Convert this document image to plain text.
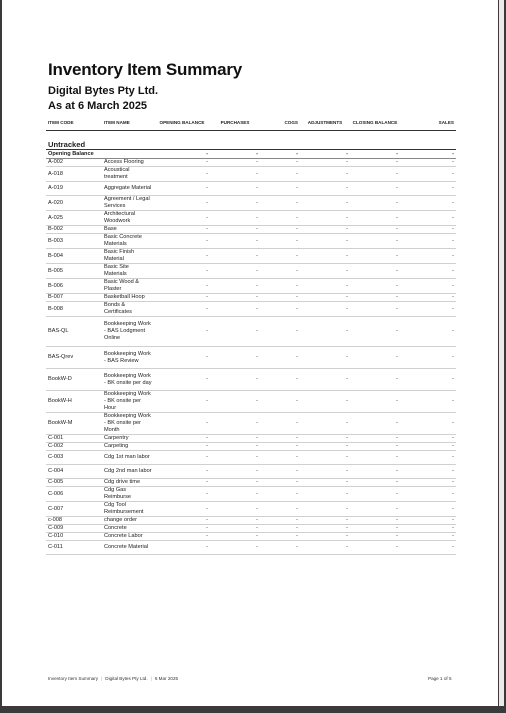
Inventory Item Summary
Digital Bytes Pty Ltd.
As at 6 March 2025
ITEM CODE	ITEM NAME	OPENING BALANCE	PURCHASES	COGS	ADJUSTMENTS	CLOSING BALANCE	SALES

Untracked							
Opening Balance		-	-	-	-	-	-
A-002	Access Flooring	-	-	-	-	-	-
A-018	Acoustical treatment	-	-	-	-	-	-
A-019	Aggregate Material	-	-	-	-	-	-
A-020	Agreement / Legal Services	-	-	-	-	-	-
A-025	Architectural Woodwork	-	-	-	-	-	-
B-002	Base	-	-	-	-	-	-
B-003	Basic Concrete Materials	-	-	-	-	-	-
B-004	Basic Finish Material	-	-	-	-	-	-
B-005	Basic Site Materials	-	-	-	-	-	-
B-006	Basic Wood & Plaster	-	-	-	-	-	-
B-007	Basketball Hoop	-	-	-	-	-	-
B-008	Bonds & Certificates	-	-	-	-	-	-
BAS-QL	Bookkeeping Work - BAS Lodgment Online	-	-	-	-	-	-
BAS-Qrev	Bookkeeping Work - BAS Review	-	-	-	-	-	-
BookW-D	Bookkeeping Work - BK onsite per day	-	-	-	-	-	-
BookW-H	Bookkeeping Work - BK onsite per Hour	-	-	-	-	-	-
BookW-M	Bookkeeping Work - BK onsite per Month	-	-	-	-	-	-
C-001	Carpentry	-	-	-	-	-	-
C-002	Carpeting	-	-	-	-	-	-
C-003	Cdg 1st man labor	-	-	-	-	-	-
C-004	Cdg 2nd man labor	-	-	-	-	-	-
C-005	Cdg drive time	-	-	-	-	-	-
C-006	Cdg Gas Reimburse	-	-	-	-	-	-
C-007	Cdg Tool Reimbursement	-	-	-	-	-	-
c-008	change order	-	-	-	-	-	-
C-009	Concrete	-	-	-	-	-	-
C-010	Concrete Labor	-	-	-	-	-	-
C-011	Concrete Material	-	-	-	-	-	-
Inventory Item Summary | Digital Bytes Pty Ltd. | 6 Mar 2025	Page 1 of 5
